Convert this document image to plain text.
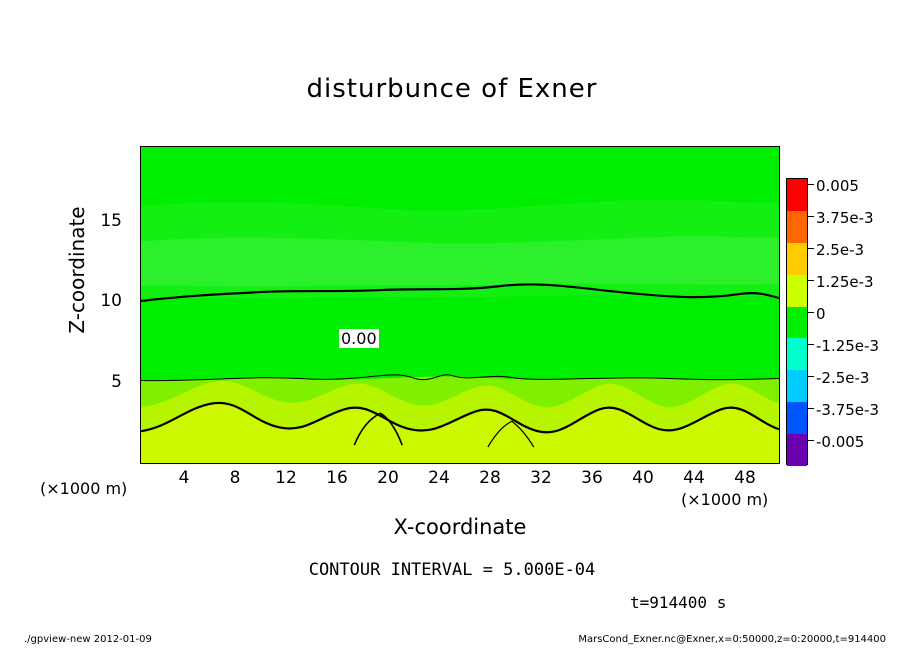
disturbunce of Exner
0.00
Z-coordinate 15
10
5
4	8	12	16	20	24	28	32	36	40	44	48
(×1000 m)
(×1000 m)
X-coordinate
0.005
3.75e-3
2.5e-3
1.25e-3
0
-1.25e-3
-2.5e-3
-3.75e-3
-0.005
CONTOUR INTERVAL = 5.000E-04
t=914400 s
./gpview-new 2012-01-09	MarsCond_Exner.nc@Exner,x=0:50000,z=0:20000,t=914400
